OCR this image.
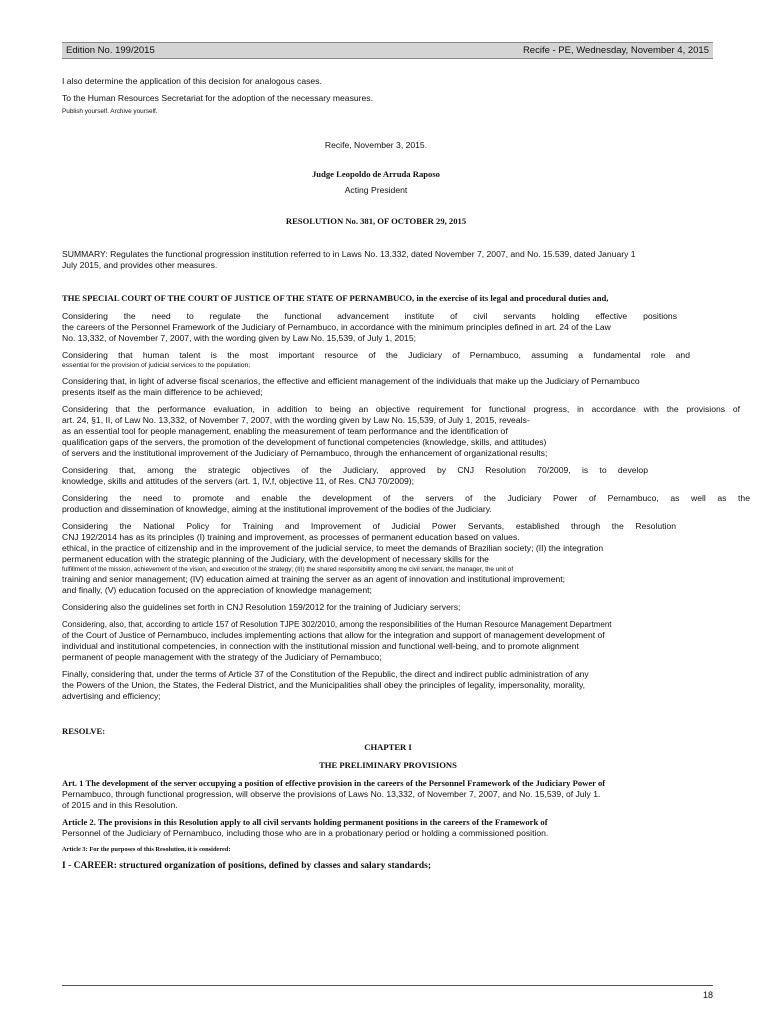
Edition No. 199/2015	Recife - PE, Wednesday, November 4, 2015

I also determine the application of this decision for analogous cases.

To the Human Resources Secretariat for the adoption of the necessary measures.

Publish yourself. Archive yourself.

Recife, November 3, 2015.

Judge Leopoldo de Arruda Raposo

Acting President

RESOLUTION No. 381, OF OCTOBER 29, 2015

SUMMARY: Regulates the functional progression institution referred to in Laws No. 13.332, dated November 7, 2007, and No. 15.539, dated January 1
July 2015, and provides other measures.

THE SPECIAL COURT OF THE COURT OF JUSTICE OF THE STATE OF PERNAMBUCO, in the exercise of its legal and procedural duties and,

Considering the need to regulate the functional advancement institute of civil servants holding effective positions
the careers of the Personnel Framework of the Judiciary of Pernambuco, in accordance with the minimum principles defined in art. 24 of the Law
No. 13,332, of November 7, 2007, with the wording given by Law No. 15,539, of July 1, 2015;
Considering that human talent is the most important resource of the Judiciary of Pernambuco, assuming a fundamental role and
essential for the provision of judicial services to the population;
Considering that, in light of adverse fiscal scenarios, the effective and efficient management of the individuals that make up the Judiciary of Pernambuco
presents itself as the main difference to be achieved;
Considering that the performance evaluation, in addition to being an objective requirement for functional progress, in accordance with the provisions of
art. 24, §1, II, of Law No. 13,332, of November 7, 2007, with the wording given by Law No. 15,539, of July 1, 2015, reveals-
as an essential tool for people management, enabling the measurement of team performance and the identification of
qualification gaps of the servers, the promotion of the development of functional competencies (knowledge, skills, and attitudes)
of servers and the institutional improvement of the Judiciary of Pernambuco, through the enhancement of organizational results;
Considering that, among the strategic objectives of the Judiciary, approved by CNJ Resolution 70/2009, is to develop
knowledge, skills and attitudes of the servers (art. 1, IV,f, objective 11, of Res. CNJ 70/2009);
Considering the need to promote and enable the development of the servers of the Judiciary Power of Pernambuco, as well as the
production and dissemination of knowledge, aiming at the institutional improvement of the bodies of the Judiciary.
Considering the National Policy for Training and Improvement of Judicial Power Servants, established through the Resolution
CNJ 192/2014 has as its principles (I) training and improvement, as processes of permanent education based on values.
ethical, in the practice of citizenship and in the improvement of the judicial service, to meet the demands of Brazilian society; (II) the integration
permanent education with the strategic planning of the Judiciary, with the development of necessary skills for the
fulfillment of the mission, achievement of the vision, and execution of the strategy; (III) the shared responsibility among the civil servant, the manager, the unit of
training and senior management; (IV) education aimed at training the server as an agent of innovation and institutional improvement;
and finally, (V) education focused on the appreciation of knowledge management;
Considering also the guidelines set forth in CNJ Resolution 159/2012 for the training of Judiciary servers;
Considering, also, that, according to article 157 of Resolution TJPE 302/2010, among the responsibilities of the Human Resource Management Department
of the Court of Justice of Pernambuco, includes implementing actions that allow for the integration and support of management development of
individual and institutional competencies, in connection with the institutional mission and functional well-being, and to promote alignment
permanent of people management with the strategy of the Judiciary of Pernambuco;
Finally, considering that, under the terms of Article 37 of the Constitution of the Republic, the direct and indirect public administration of any
the Powers of the Union, the States, the Federal District, and the Municipalities shall obey the principles of legality, impersonality, morality,
advertising and efficiency;

RESOLVE:

CHAPTER I

THE PRELIMINARY PROVISIONS

Art. 1 The development of the server occupying a position of effective provision in the careers of the Personnel Framework of the Judiciary Power of
Pernambuco, through functional progression, will observe the provisions of Laws No. 13,332, of November 7, 2007, and No. 15,539, of July 1.
of 2015 and in this Resolution.
Article 2. The provisions in this Resolution apply to all civil servants holding permanent positions in the careers of the Framework of
Personnel of the Judiciary of Pernambuco, including those who are in a probationary period or holding a commissioned position.

Article 3: For the purposes of this Resolution, it is considered:

I - CAREER: structured organization of positions, defined by classes and salary standards;

18
